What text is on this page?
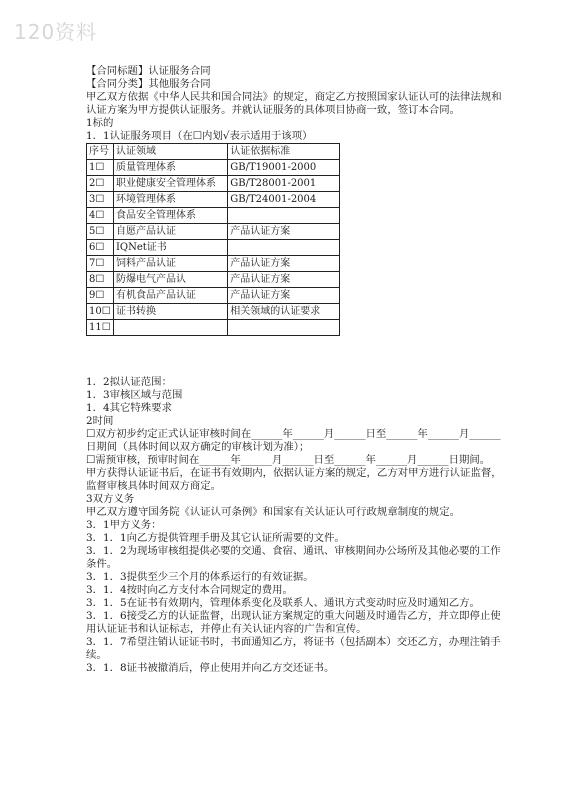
120资料

【合同标题】认证服务合同

【合同分类】其他服务合同

甲乙双方依据《中华人民共和国合同法》的规定，商定乙方按照国家认证认可的法律法规和认证方案为甲方提供认证服务。并就认证服务的具体项目协商一致，签订本合同。

1标的

1．1认证服务项目（在☐内划√表示适用于该项）

序号	认证领域	认证依据标准
1☐	质量管理体系	GB/T19001-2000
2☐	职业健康安全管理体系	GB/T28001-2001
3☐	环境管理体系	GB/T24001-2004
4☐	食品安全管理体系	
5☐	自愿产品认证	产品认证方案
6☐	IQNet证书	
7☐	饲料产品认证	产品认证方案
8☐	防爆电气产品认	产品认证方案
9☐	有机食品产品认证	产品认证方案
10☐	证书转换	相关领域的认证要求
11☐		

1．2拟认证范围：

1．3审核区域与范围

1．4其它特殊要求

2时间

☐双方初步约定正式认证审核时间在______年______月______日至______年______月______日期间（具体时间以双方确定的审核计划为准）；

☐需预审核，预审时间在______年______月______日至______年______月______日期间。

甲方获得认证证书后，在证书有效期内，依据认证方案的规定，乙方对甲方进行认证监督，监督审核具体时间双方商定。

3双方义务

甲乙双方遵守国务院《认证认可条例》和国家有关认证认可行政规章制度的规定。

3．1甲方义务：

3．1．1向乙方提供管理手册及其它认证所需要的文件。

3．1．2为现场审核组提供必要的交通、食宿、通讯、审核期间办公场所及其他必要的工作条件。

3．1．3提供至少三个月的体系运行的有效证据。

3．1．4按时向乙方支付本合同规定的费用。

3．1．5在证书有效期内，管理体系变化及联系人、通讯方式变动时应及时通知乙方。

3．1．6接受乙方的认证监督，出现认证方案规定的重大问题及时通告乙方，并立即停止使用认证证书和认证标志，并停止有关认证内容的广告和宣传。

3．1．7希望注销认证证书时，书面通知乙方，将证书（包括副本）交还乙方，办理注销手续。

3．1．8证书被撤消后，停止使用并向乙方交还证书。
